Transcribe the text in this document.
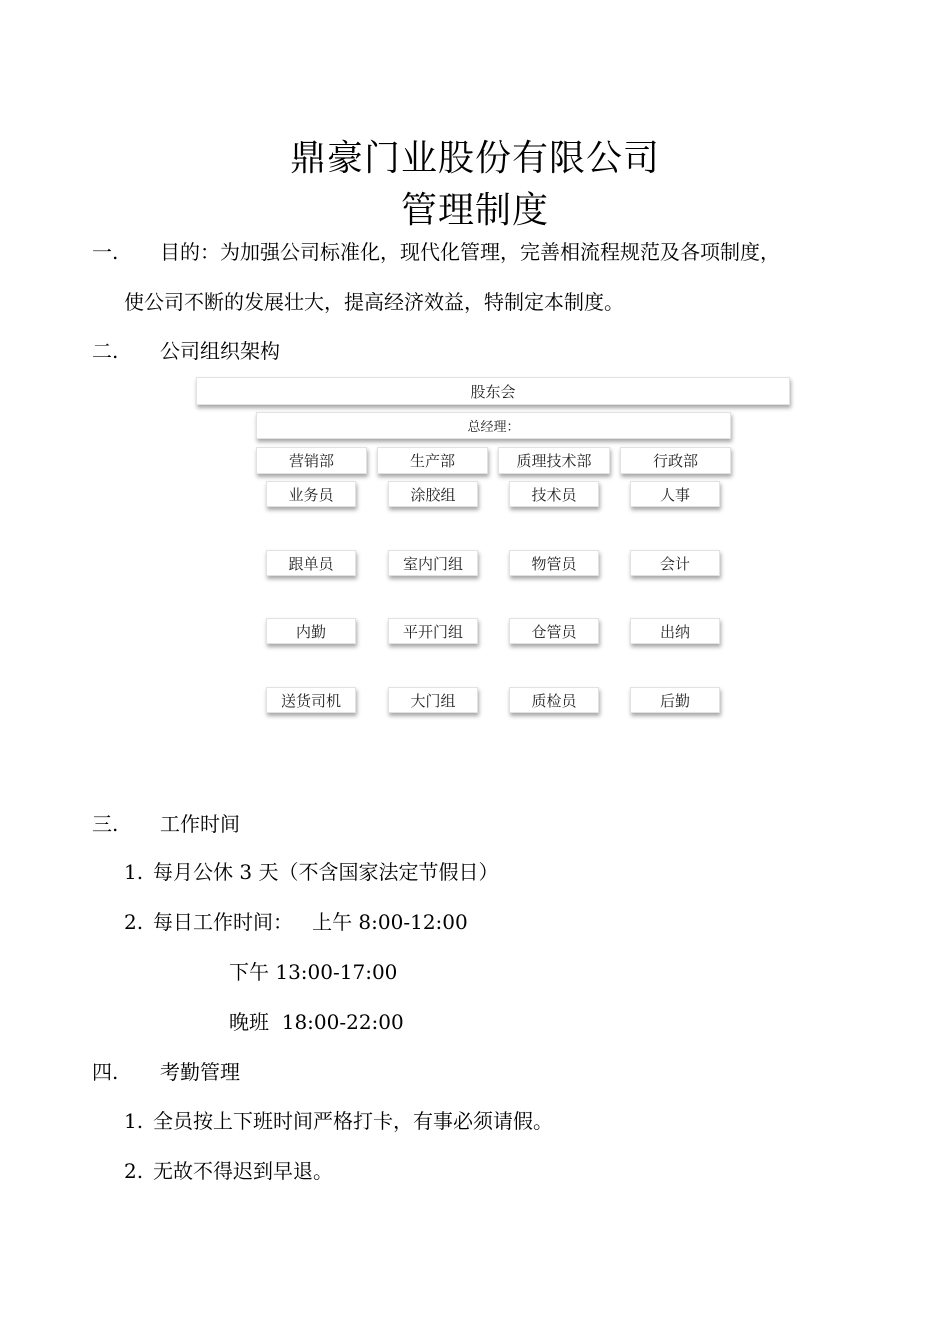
鼎豪门业股份有限公司
管理制度
一. 目的：为加强公司标准化，现代化管理，完善相流程规范及各项制度，
使公司不断的发展壮大，提高经济效益，特制定本制度。
二. 公司组织架构
股东会
总经理：
营销部	生产部	质理技术部	行政部
业务员	涂胶组	技术员	人事
跟单员	室内门组	物管员	会计
内勤	平开门组	仓管员	出纳
送货司机	大门组	质检员	后勤
三. 工作时间
1. 每月公休 3 天（不含国家法定节假日）
2. 每日工作时间：   上午 8:00-12:00
下午 13:00-17:00
晚班  18:00-22:00
四. 考勤管理
1. 全员按上下班时间严格打卡，有事必须请假。
2. 无故不得迟到早退。
